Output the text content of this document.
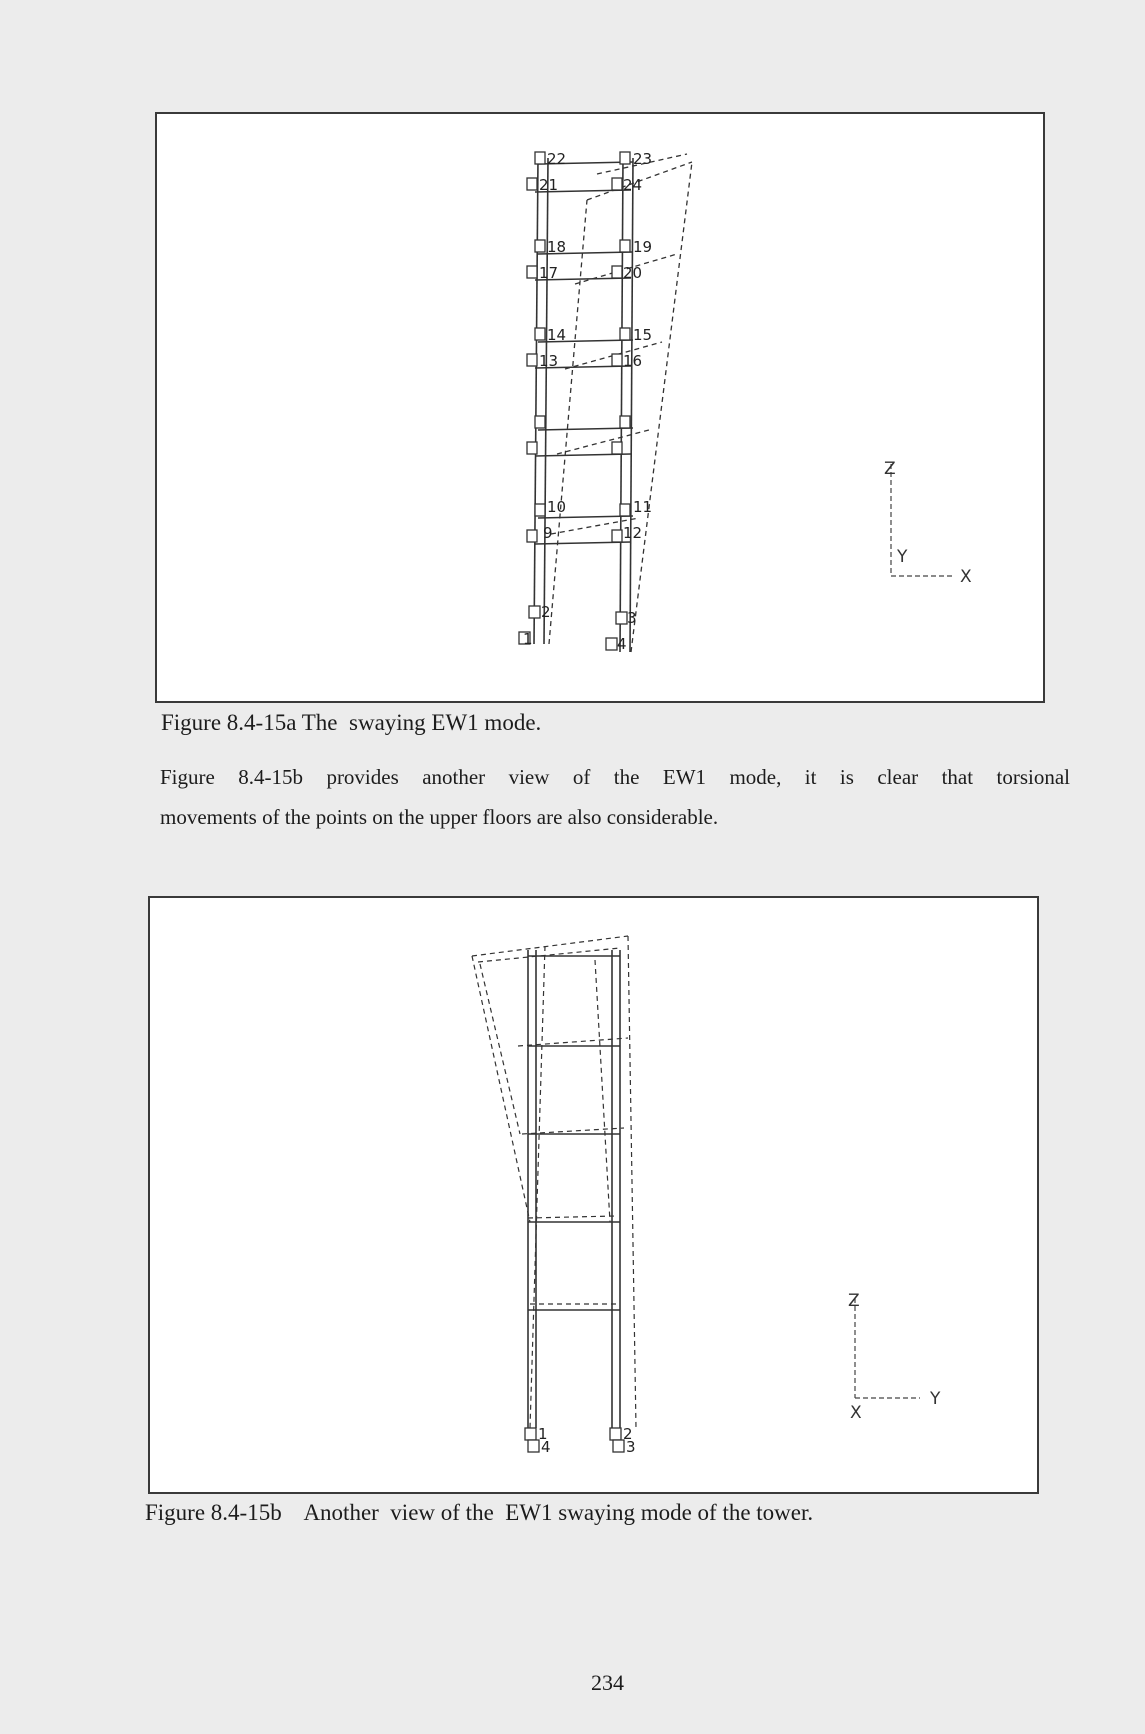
1
2	3
4
9
10	11
12
13
14	15
16
17
18	19
20
21
22	23
24
Z
Y
X
Figure 8.4-15a The  swaying EW1 mode.
Figure 8.4-15b provides another view of the EW1 mode, it is clear that torsional
movements of the points on the upper floors are also considerable.
1
4
2
3
Z
X
Y
Figure 8.4-15b    Another  view of the  EW1 swaying mode of the tower.
234
